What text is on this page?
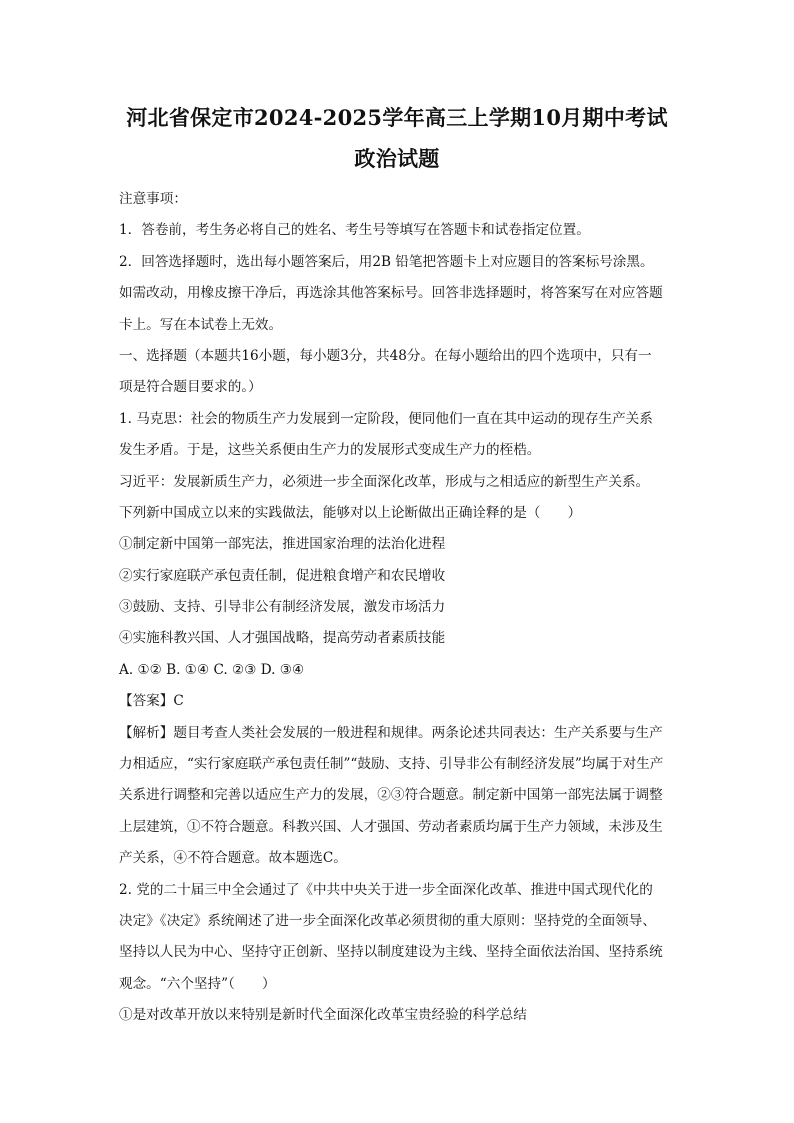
河北省保定市2024-2025学年高三上学期10月期中考试
政治试题
注意事项：
1．答卷前，考生务必将自己的姓名、考生号等填写在答题卡和试卷指定位置。
2．回答选择题时，选出每小题答案后，用2B 铅笔把答题卡上对应题目的答案标号涂黑。
如需改动，用橡皮擦干净后，再选涂其他答案标号。回答非选择题时，将答案写在对应答题
卡上。写在本试卷上无效。
一、选择题（本题共16小题，每小题3分，共48分。在每小题给出的四个选项中，只有一
项是符合题目要求的。）
1. 马克思：社会的物质生产力发展到一定阶段，便同他们一直在其中运动的现存生产关系
发生矛盾。于是，这些关系便由生产力的发展形式变成生产力的桎梏。
习近平：发展新质生产力，必须进一步全面深化改革，形成与之相适应的新型生产关系。
下列新中国成立以来的实践做法，能够对以上论断做出正确诠释的是（　　）
①制定新中国第一部宪法，推进国家治理的法治化进程
②实行家庭联产承包责任制，促进粮食增产和农民增收
③鼓励、支持、引导非公有制经济发展，激发市场活力
④实施科教兴国、人才强国战略，提高劳动者素质技能
A. ①② B. ①④ C. ②③ D. ③④
【答案】C
【解析】题目考查人类社会发展的一般进程和规律。两条论述共同表达：生产关系要与生产
力相适应，“实行家庭联产承包责任制”“鼓励、支持、引导非公有制经济发展”均属于对生产
关系进行调整和完善以适应生产力的发展，②③符合题意。制定新中国第一部宪法属于调整
上层建筑，①不符合题意。科教兴国、人才强国、劳动者素质均属于生产力领域，未涉及生
产关系，④不符合题意。故本题选C。
2. 党的二十届三中全会通过了《中共中央关于进一步全面深化改革、推进中国式现代化的
决定》《决定》系统阐述了进一步全面深化改革必须贯彻的重大原则：坚持党的全面领导、
坚持以人民为中心、坚持守正创新、坚持以制度建设为主线、坚持全面依法治国、坚持系统
观念。“六个坚持”（　　）
①是对改革开放以来特别是新时代全面深化改革宝贵经验的科学总结
